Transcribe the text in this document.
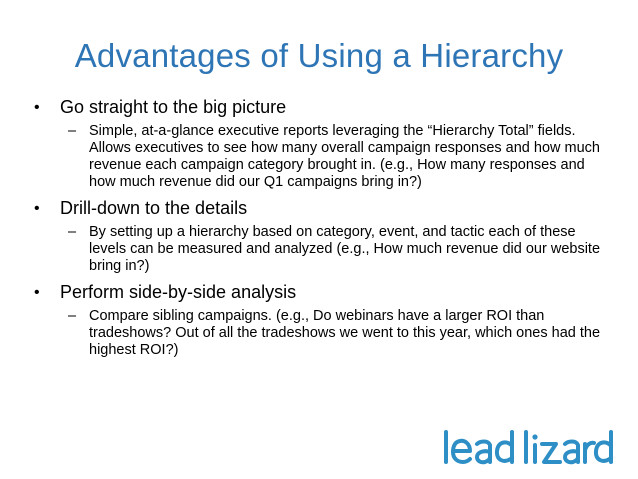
Advantages of Using a Hierarchy
• Go straight to the big picture
– Simple, at-a-glance executive reports leveraging the “Hierarchy Total” fields. Allows executives to see how many overall campaign responses and how much revenue each campaign category brought in. (e.g., How many responses and how much revenue did our Q1 campaigns bring in?)
• Drill-down to the details
– By setting up a hierarchy based on category, event, and tactic each of these levels can be measured and analyzed (e.g., How much revenue did our website bring in?)
• Perform side-by-side analysis
– Compare sibling campaigns. (e.g., Do webinars have a larger ROI than tradeshows? Out of all the tradeshows we went to this year, which ones had the highest ROI?)
